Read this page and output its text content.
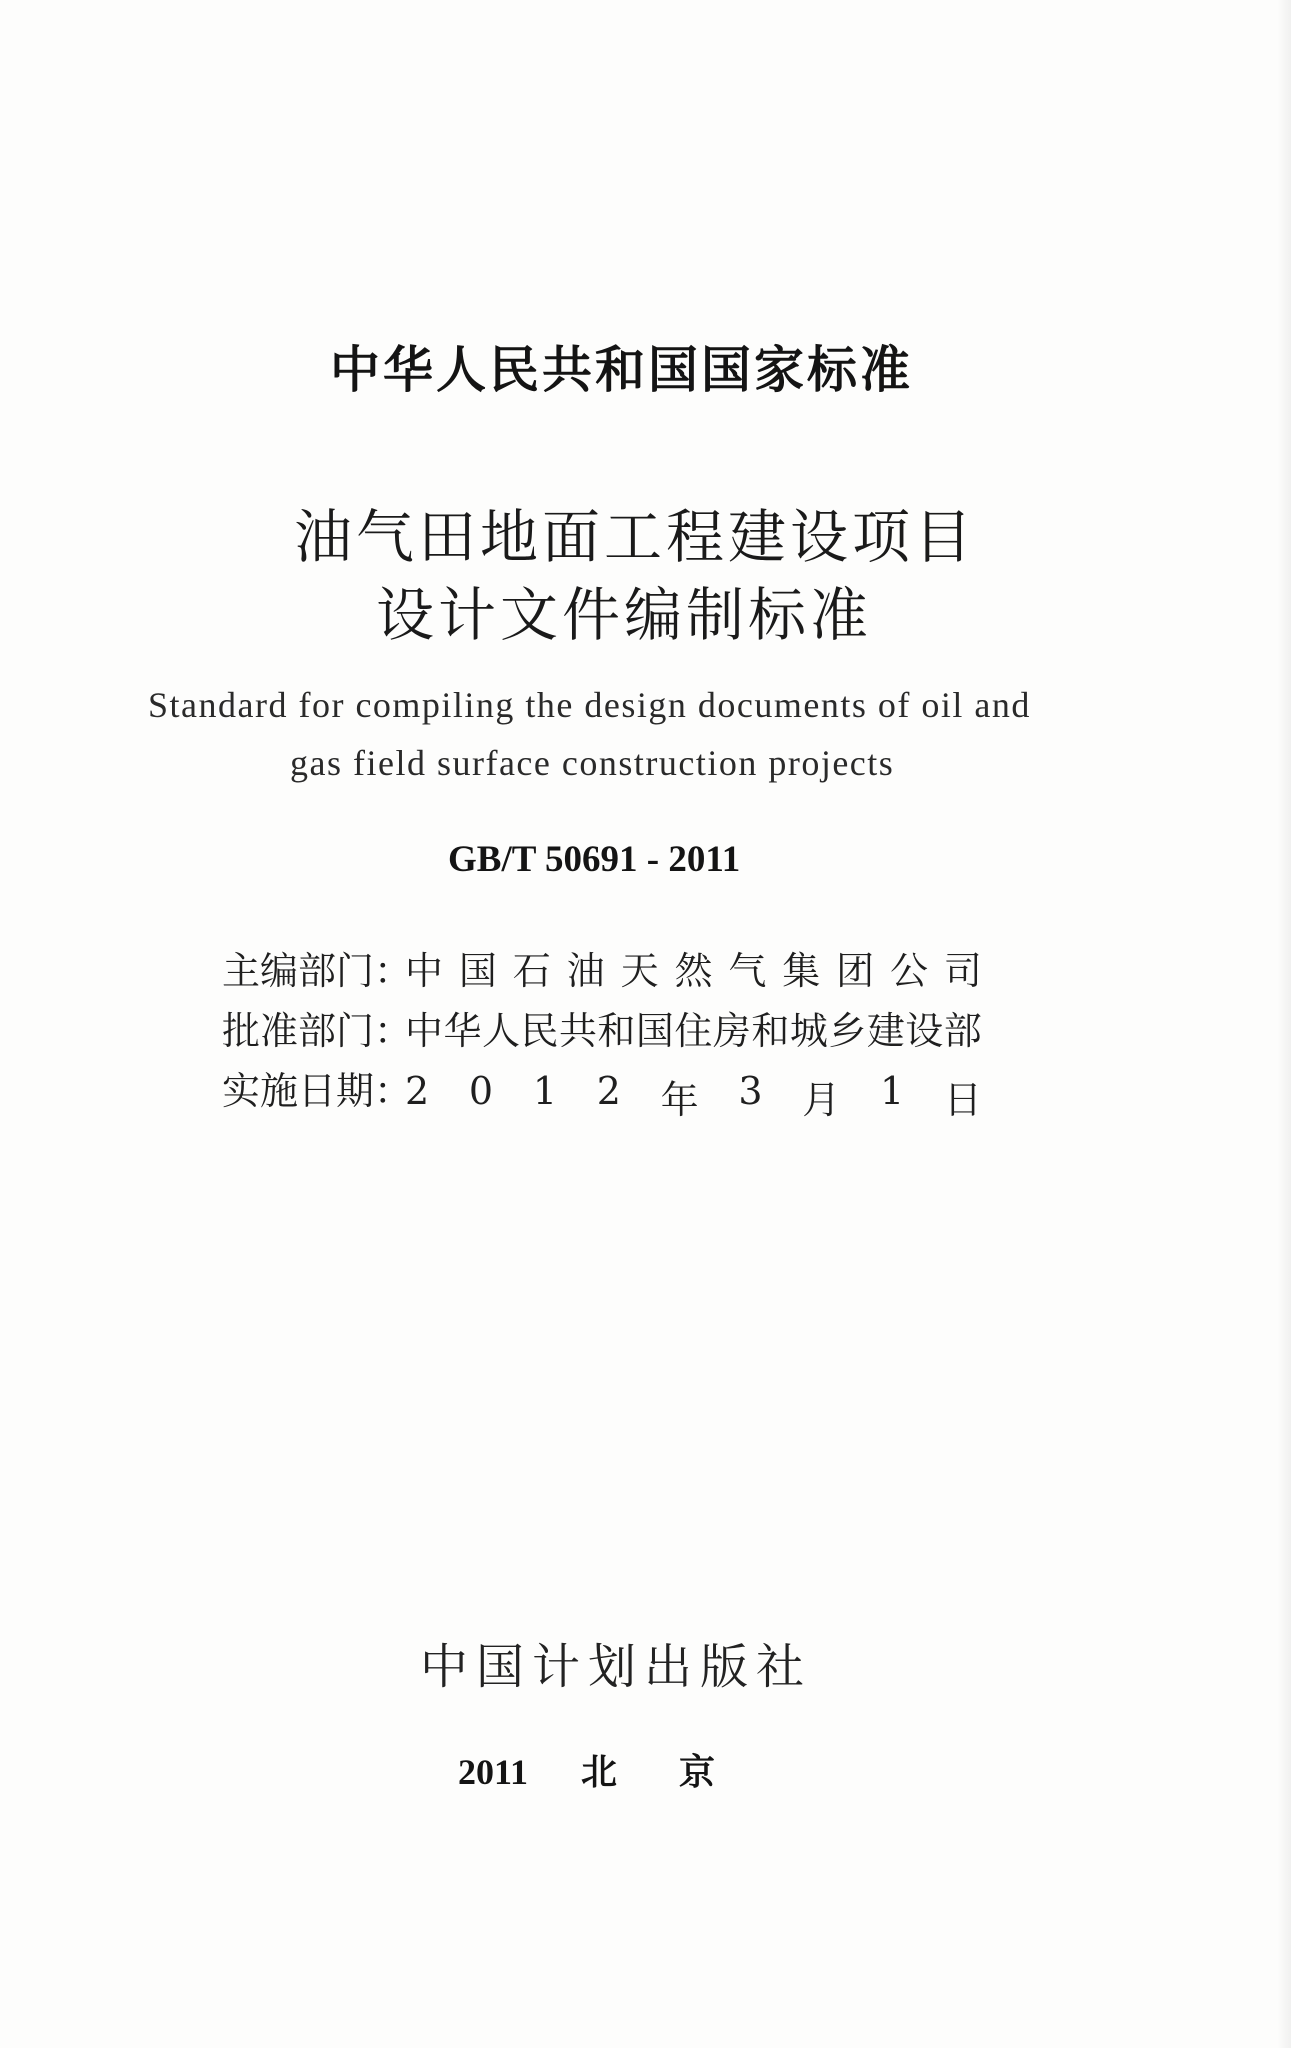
中华人民共和国国家标准
油气田地面工程建设项目
设计文件编制标准
Standard for compiling the design documents of oil and
gas field surface construction projects
GB/T 50691 - 2011
主编部门：
中 国 石 油 天 然 气 集 团 公 司
批准部门：
中 华 人 民 共 和 国 住 房 和 城 乡 建 设 部
实施日期：
2 0 1 2 年 3 月 1 日
中国计划出版社
2011 北京
